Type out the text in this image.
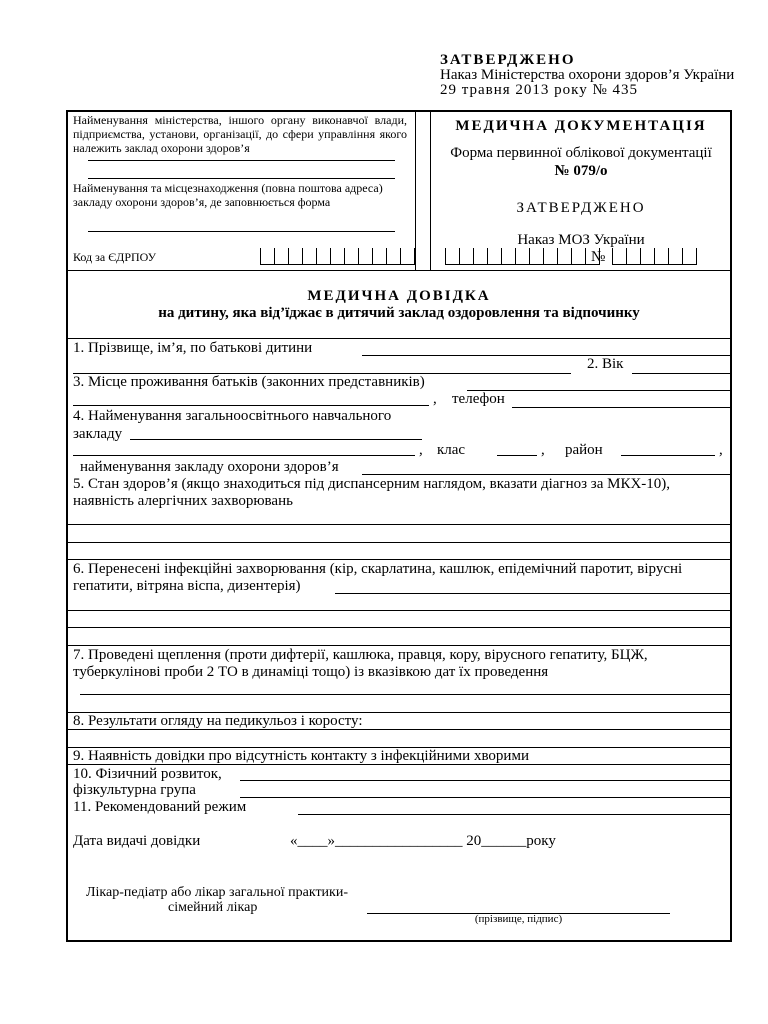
ЗАТВЕРДЖЕНО
Наказ Міністерства охорони здоров’я України
29 травня 2013 року № 435
Найменування міністерства, іншого органу виконавчої влади, підприємства, установи, організації, до сфери управління якого належить заклад охорони здоров’я
Найменування та місцезнаходження (повна поштова адреса) закладу охорони здоров’я, де заповнюється форма
Код за ЄДРПОУ
МЕДИЧНА ДОКУМЕНТАЦІЯ
Форма первинної облікової документації
№ 079/о
ЗАТВЕРДЖЕНО
Наказ МОЗ України
№
МЕДИЧНА ДОВІДКА
на дитину, яка від’їджає в дитячий заклад оздоровлення та відпочинку
1. Прізвище, ім’я, по батькові дитини
2. Вік
3. Місце проживання батьків (законних представників)
, телефон
4. Найменування загальноосвітнього навчального
закладу
, клас	, район	,
найменування закладу охорони здоров’я
5. Стан здоров’я (якщо знаходиться під диспансерним наглядом, вказати діагноз за МКХ-10),
наявність алергічних захворювань
6. Перенесені інфекційні захворювання (кір, скарлатина, кашлюк, епідемічний паротит, вірусні
гепатити, вітряна віспа, дизентерія)
7. Проведені щеплення (проти дифтерії, кашлюка, правця, кору, вірусного гепатиту, БЦЖ,
туберкулінові проби 2 ТО в динаміці тощо) із вказівкою дат їх проведення
8. Результати огляду на педикульоз і коросту:
9. Наявність довідки про відсутність контакту з інфекційними хворими
10. Фізичний розвиток,
фізкультурна група
11. Рекомендований режим
Дата видачі довідки	«____»_________________ 20______року
Лікар-педіатр або лікар загальної практики-
сімейний лікар
(прізвище, підпис)
